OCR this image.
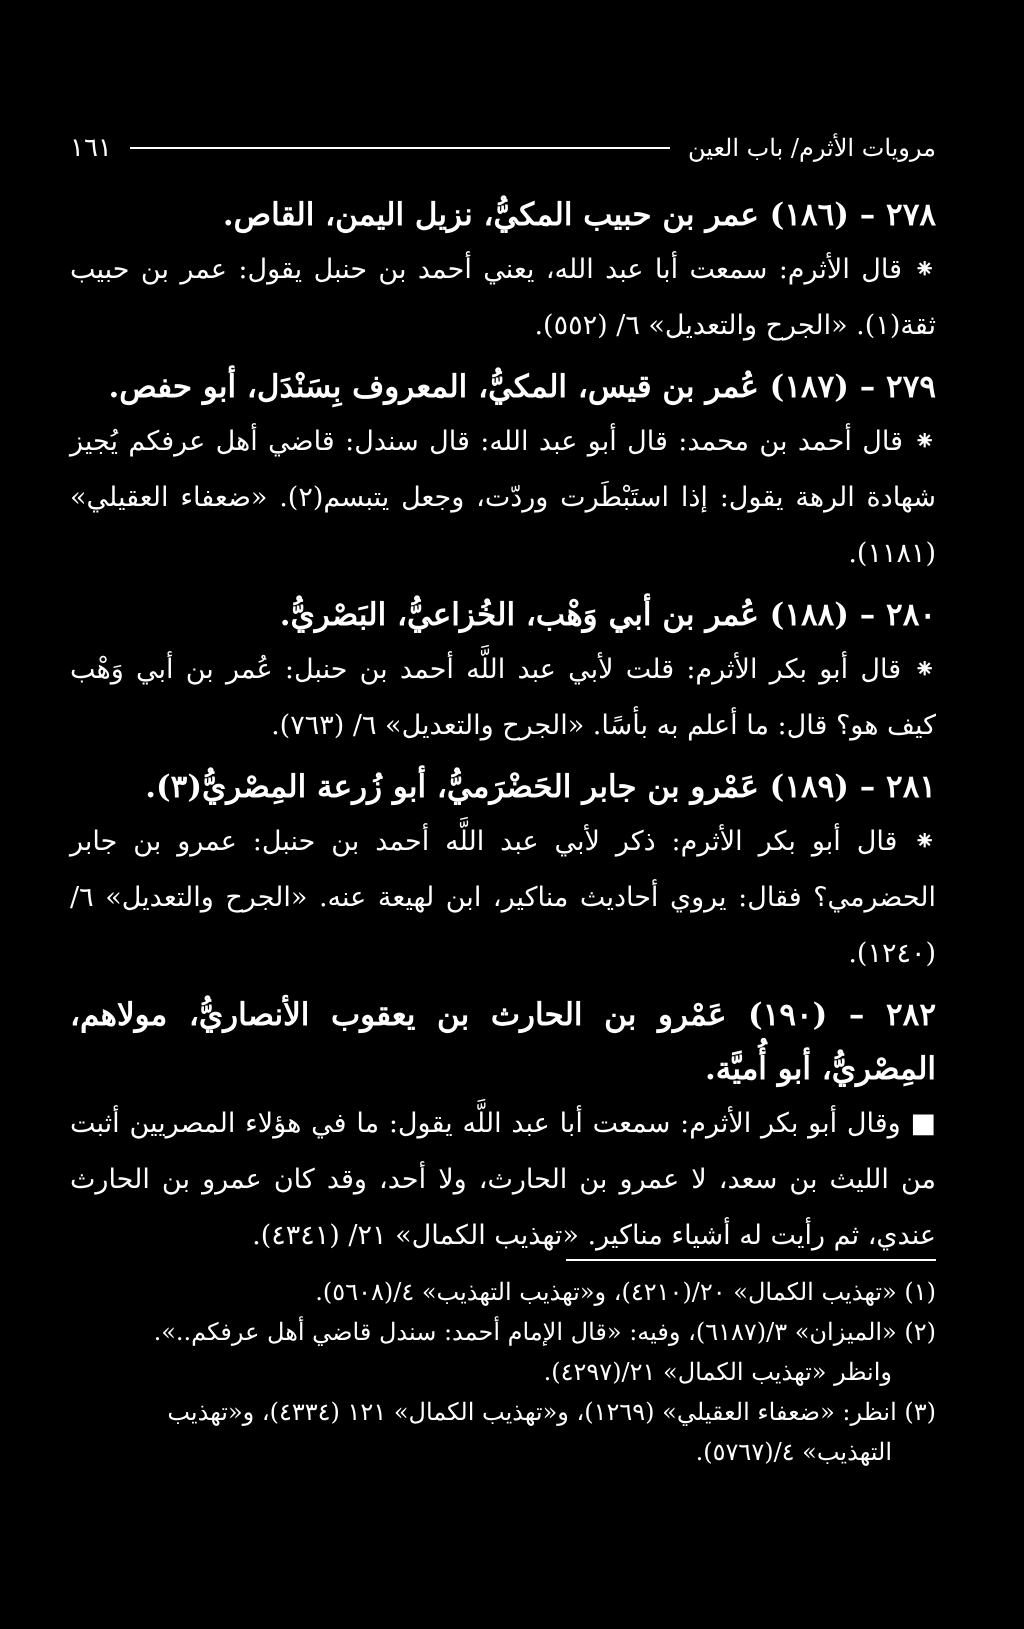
مرويات الأثرم/ باب العين
١٦١

٢٧٨ – (١٨٦) عمر بن حبيب المكيُّ، نزيل اليمن، القاص.

⁕ قال الأثرم: سمعت أبا عبد الله، يعني أحمد بن حنبل يقول: عمر بن حبيب ثقة(١). «الجرح والتعديل» ٦/ (٥٥٢).

٢٧٩ – (١٨٧) عُمر بن قيس، المكيُّ، المعروف بِسَنْدَل، أبو حفص.

⁕ قال أحمد بن محمد: قال أبو عبد الله: قال سندل: قاضي أهل عرفكم يُجيز شهادة الرهة يقول: إذا استَبْطَرت وردّت، وجعل يتبسم(٢). «ضعفاء العقيلي» (١١٨١).

٢٨٠ – (١٨٨) عُمر بن أبي وَهْب، الخُزاعيُّ، البَصْريُّ.

⁕ قال أبو بكر الأثرم: قلت لأبي عبد اللَّه أحمد بن حنبل: عُمر بن أبي وَهْب كيف هو؟ قال: ما أعلم به بأسًا. «الجرح والتعديل» ٦/ (٧٦٣).

٢٨١ – (١٨٩) عَمْرو بن جابر الحَضْرَميُّ، أبو زُرعة المِصْريُّ(٣).

⁕ قال أبو بكر الأثرم: ذكر لأبي عبد اللَّه أحمد بن حنبل: عمرو بن جابر الحضرمي؟ فقال: يروي أحاديث مناكير، ابن لهيعة عنه. «الجرح والتعديل» ٦/ (١٢٤٠).

٢٨٢ – (١٩٠) عَمْرو بن الحارث بن يعقوب الأنصاريُّ، مولاهم، المِصْريُّ، أبو أُميَّة.

■ وقال أبو بكر الأثرم: سمعت أبا عبد اللَّه يقول: ما في هؤلاء المصريين أثبت من الليث بن سعد، لا عمرو بن الحارث، ولا أحد، وقد كان عمرو بن الحارث عندي، ثم رأيت له أشياء مناكير. «تهذيب الكمال» ٢١/ (٤٣٤١).

(١) «تهذيب الكمال» ٢٠/(٤٢١٠)، و«تهذيب التهذيب» ٤/(٥٦٠٨).

(٢) «الميزان» ٣/(٦١٨٧)، وفيه: «قال الإمام أحمد: سندل قاضي أهل عرفكم..».

وانظر «تهذيب الكمال» ٢١/(٤٢٩٧).

(٣) انظر: «ضعفاء العقيلي» (١٢٦٩)، و«تهذيب الكمال» ١٢١ (٤٣٣٤)، و«تهذيب

التهذيب» ٤/(٥٧٦٧).
